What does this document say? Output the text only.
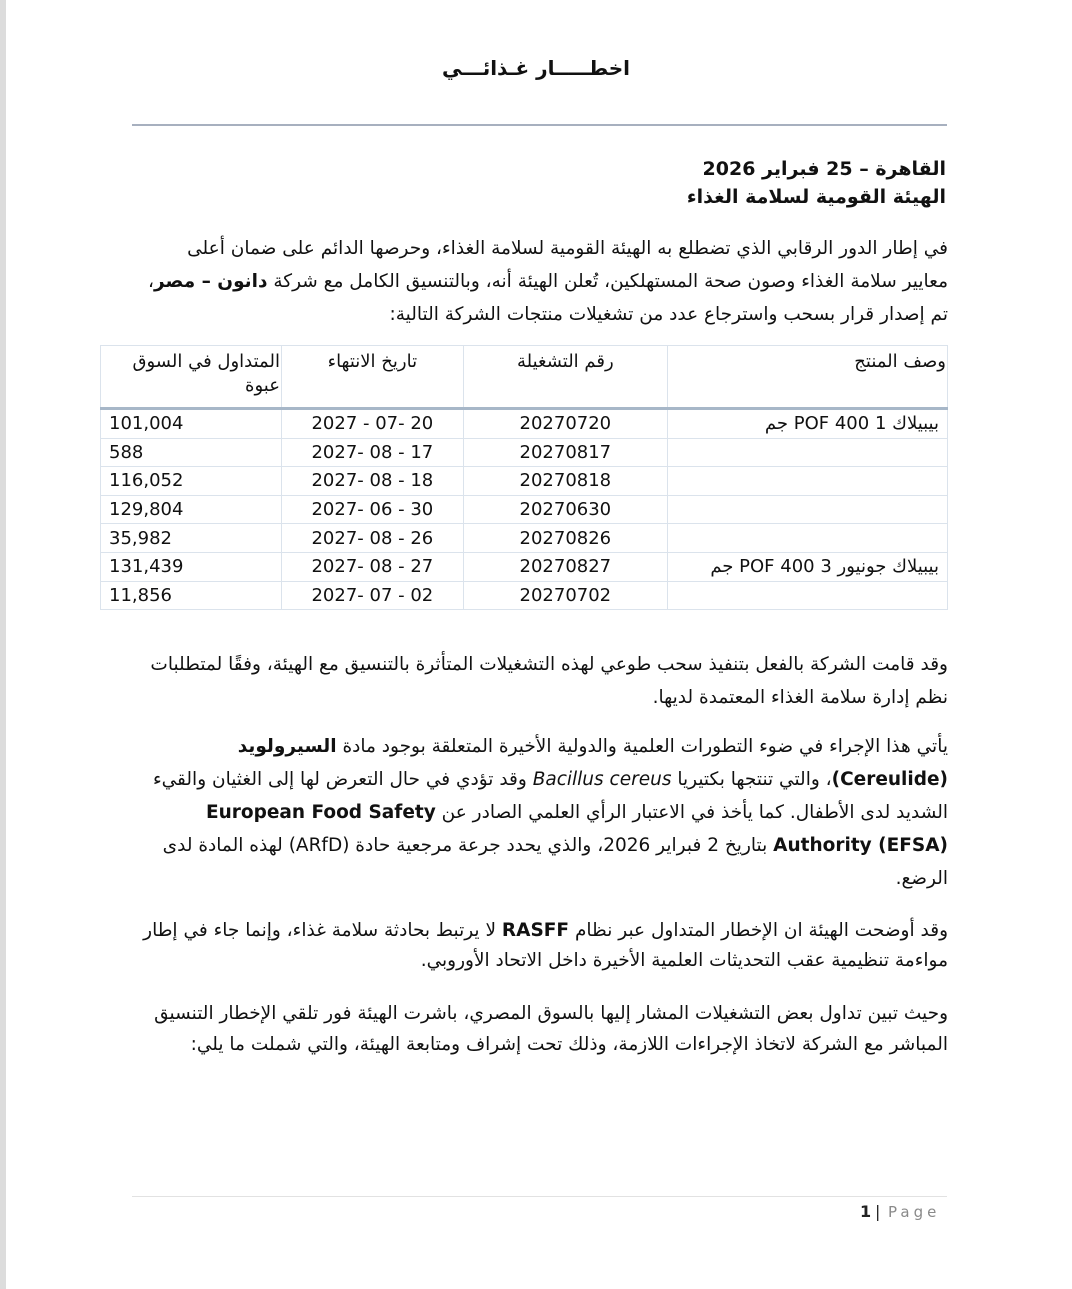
اخطـــــار غـذائـــي
القاهرة – 25 فبراير 2026
الهيئة القومية لسلامة الغذاء
في إطار الدور الرقابي الذي تضطلع به الهيئة القومية لسلامة الغذاء، وحرصها الدائم على ضمان أعلى معايير سلامة الغذاء وصون صحة المستهلكين، تُعلن الهيئة أنه، وبالتنسيق الكامل مع شركة دانون – مصر، تم إصدار قرار بسحب واسترجاع عدد من تشغيلات منتجات الشركة التالية:
وصف المنتج	رقم التشغيلة	تاريخ الانتهاء	المتداول في السوق عبوة
بيبيلاك 1 POF 400 جم	20270720	2027 - 07- 20	101,004
	20270817	2027- 08 - 17	588
	20270818	2027- 08 - 18	116,052
	20270630	2027- 06 - 30	129,804
	20270826	2027- 08 - 26	35,982
بيبيلاك جونيور 3 POF 400 جم	20270827	2027- 08 - 27	131,439
	20270702	2027- 07 - 02	11,856
وقد قامت الشركة بالفعل بتنفيذ سحب طوعي لهذه التشغيلات المتأثرة بالتنسيق مع الهيئة، وفقًا لمتطلبات نظم إدارة سلامة الغذاء المعتمدة لديها.
يأتي هذا الإجراء في ضوء التطورات العلمية والدولية الأخيرة المتعلقة بوجود مادة السيرولويد (Cereulide)، والتي تنتجها بكتيريا Bacillus cereus وقد تؤدي في حال التعرض لها إلى الغثيان والقيء الشديد لدى الأطفال. كما يأخذ في الاعتبار الرأي العلمي الصادر عن European Food Safety Authority (EFSA) بتاريخ 2 فبراير 2026، والذي يحدد جرعة مرجعية حادة (ARfD) لهذه المادة لدى الرضع.
وقد أوضحت الهيئة ان الإخطار المتداول عبر نظام RASFF لا يرتبط بحادثة سلامة غذاء، وإنما جاء في إطار مواءمة تنظيمية عقب التحديثات العلمية الأخيرة داخل الاتحاد الأوروبي.
وحيث تبين تداول بعض التشغيلات المشار إليها بالسوق المصري، باشرت الهيئة فور تلقي الإخطار التنسيق المباشر مع الشركة لاتخاذ الإجراءات اللازمة، وذلك تحت إشراف ومتابعة الهيئة، والتي شملت ما يلي:
1 | Page
